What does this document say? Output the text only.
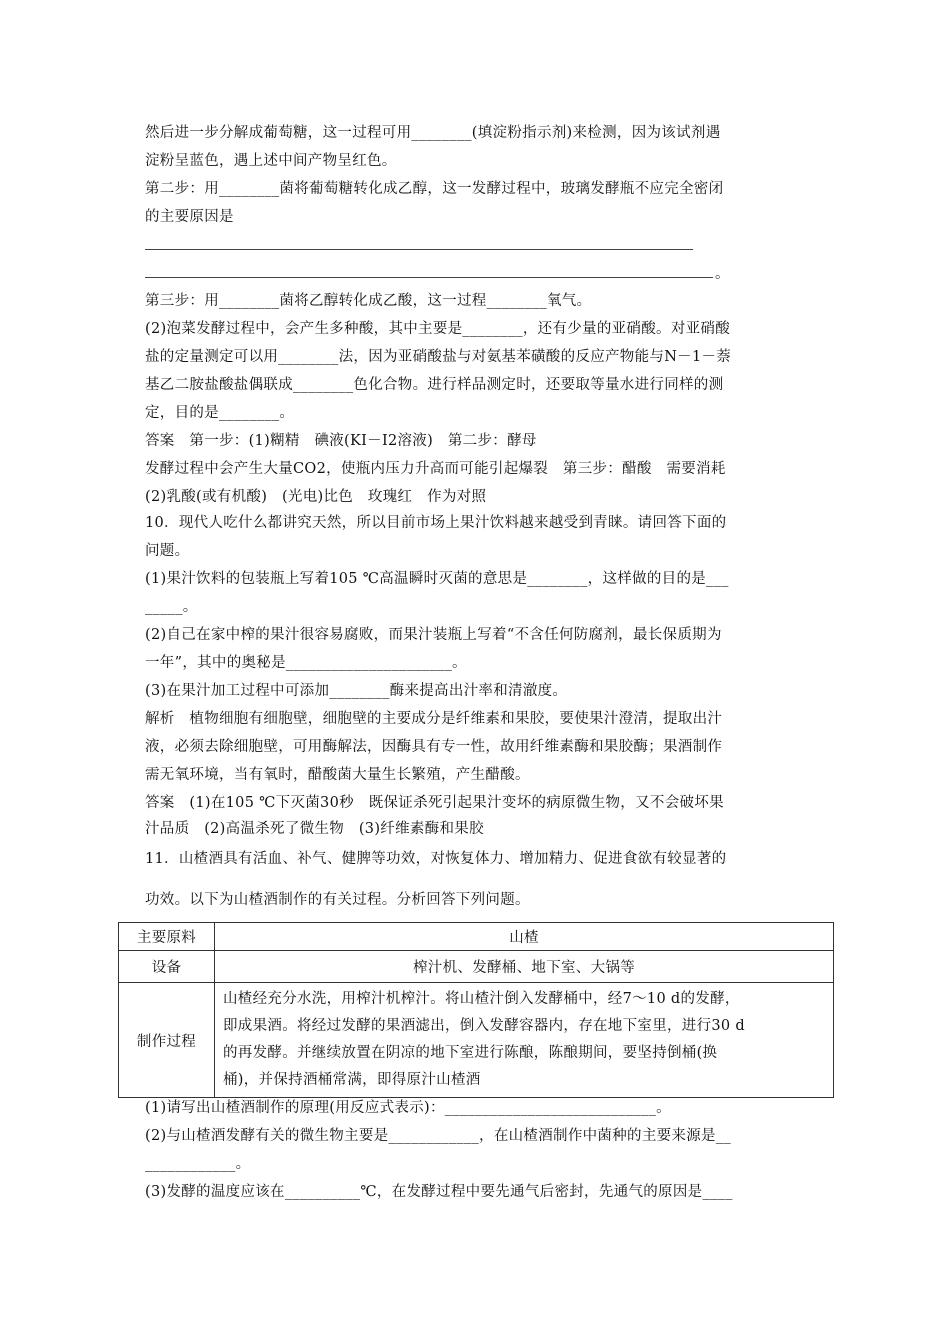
然后进一步分解成葡萄糖，这一过程可用________(填淀粉指示剂)来检测，因为该试剂遇
淀粉呈蓝色，遇上述中间产物呈红色。
第二步：用________菌将葡萄糖转化成乙醇，这一发酵过程中，玻璃发酵瓶不应完全密闭
的主要原因是
。
第三步：用________菌将乙醇转化成乙酸，这一过程________氧气。
(2)泡菜发酵过程中，会产生多种酸，其中主要是________，还有少量的亚硝酸。对亚硝酸
盐的定量测定可以用________法，因为亚硝酸盐与对氨基苯磺酸的反应产物能与N－1－萘
基乙二胺盐酸盐偶联成________色化合物。进行样品测定时，还要取等量水进行同样的测
定，目的是________。
答案　第一步：(1)糊精　碘液(KI－I2溶液)　第二步：酵母
发酵过程中会产生大量CO2，使瓶内压力升高而可能引起爆裂　第三步：醋酸　需要消耗
(2)乳酸(或有机酸)　(光电)比色　玫瑰红　作为对照
10．现代人吃什么都讲究天然，所以目前市场上果汁饮料越来越受到青睐。请回答下面的
问题。
(1)果汁饮料的包装瓶上写着105 ℃高温瞬时灭菌的意思是________，这样做的目的是___
_____。
(2)自己在家中榨的果汁很容易腐败，而果汁装瓶上写着“不含任何防腐剂，最长保质期为
一年”，其中的奥秘是______________________。
(3)在果汁加工过程中可添加________酶来提高出汁率和清澈度。
解析　植物细胞有细胞壁，细胞壁的主要成分是纤维素和果胶，要使果汁澄清，提取出汁
液，必须去除细胞壁，可用酶解法，因酶具有专一性，故用纤维素酶和果胶酶；果酒制作
需无氧环境，当有氧时，醋酸菌大量生长繁殖，产生醋酸。
答案　(1)在105 ℃下灭菌30秒　既保证杀死引起果汁变坏的病原微生物，又不会破坏果
汁品质　(2)高温杀死了微生物　(3)纤维素酶和果胶
11．山楂酒具有活血、补气、健脾等功效，对恢复体力、增加精力、促进食欲有较显著的
功效。以下为山楂酒制作的有关过程。分析回答下列问题。
主要原料	山楂
设备	榨汁机、发酵桶、地下室、大锅等
制作过程	山楂经充分水洗，用榨汁机榨汁。将山楂汁倒入发酵桶中，经7～10 d的发酵，
即成果酒。将经过发酵的果酒滤出，倒入发酵容器内，存在地下室里，进行30 d
的再发酵。并继续放置在阴凉的地下室进行陈酿，陈酿期间，要坚持倒桶(换
桶)，并保持酒桶常满，即得原汁山楂酒
(1)请写出山楂酒制作的原理(用反应式表示)：____________________________。
(2)与山楂酒发酵有关的微生物主要是____________，在山楂酒制作中菌种的主要来源是__
____________。
(3)发酵的温度应该在__________℃，在发酵过程中要先通气后密封，先通气的原因是____
